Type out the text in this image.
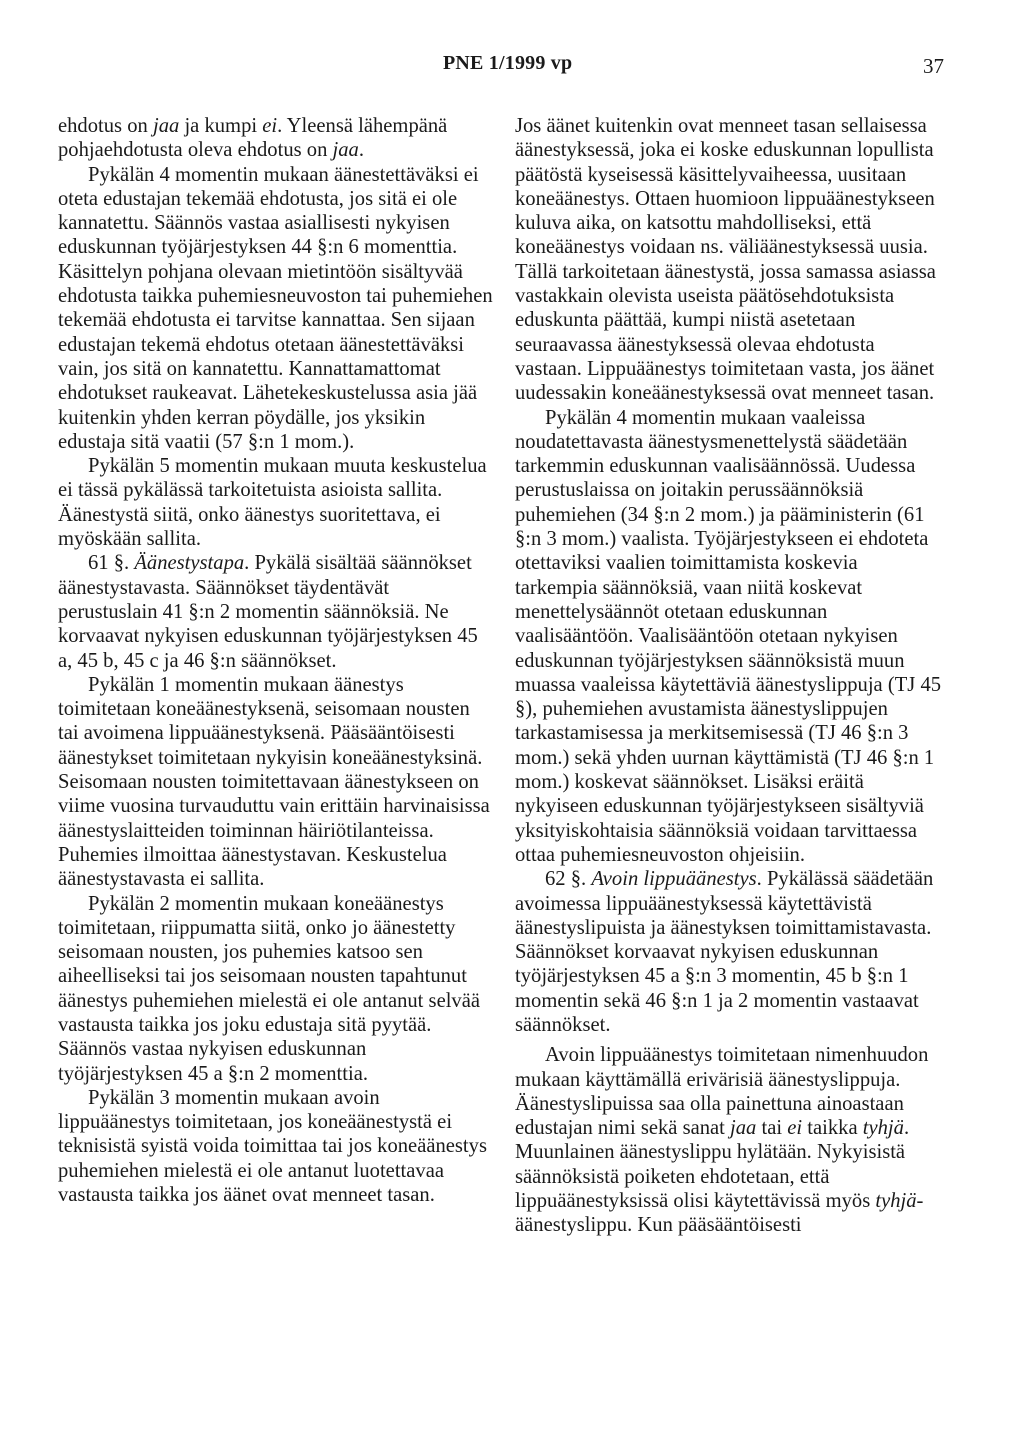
PNE 1/1999 vp	37

ehdotus on jaa ja kumpi ei. Yleensä lähempänä pohjaehdotusta oleva ehdotus on jaa.

Pykälän 4 momentin mukaan äänestettäväksi ei oteta edustajan tekemää ehdotusta, jos sitä ei ole kannatettu. Säännös vastaa asiallisesti nykyisen eduskunnan työjärjestyksen 44 §:n 6 momenttia. Käsittelyn pohjana olevaan mietintöön sisältyvää ehdotusta taikka puhemiesneuvoston tai puhemiehen tekemää ehdotusta ei tarvitse kannattaa. Sen sijaan edustajan tekemä ehdotus otetaan äänestettäväksi vain, jos sitä on kannatettu. Kannattamattomat ehdotukset raukeavat. Lähetekeskustelussa asia jää kuitenkin yhden kerran pöydälle, jos yksikin edustaja sitä vaatii (57 §:n 1 mom.).

Pykälän 5 momentin mukaan muuta keskustelua ei tässä pykälässä tarkoitetuista asioista sallita. Äänestystä siitä, onko äänestys suoritettava, ei myöskään sallita.

61 §. Äänestystapa. Pykälä sisältää säännökset äänestystavasta. Säännökset täydentävät perustuslain 41 §:n 2 momentin säännöksiä. Ne korvaavat nykyisen eduskunnan työjärjestyksen 45 a, 45 b, 45 c ja 46 §:n säännökset.

Pykälän 1 momentin mukaan äänestys toimitetaan koneäänestyksenä, seisomaan nousten tai avoimena lippuäänestyksenä. Pääsääntöisesti äänestykset toimitetaan nykyisin koneäänestyksinä. Seisomaan nousten toimitettavaan äänestykseen on viime vuosina turvauduttu vain erittäin harvinaisissa äänestyslaitteiden toiminnan häiriötilanteissa. Puhemies ilmoittaa äänestystavan. Keskustelua äänestystavasta ei sallita.

Pykälän 2 momentin mukaan koneäänestys toimitetaan, riippumatta siitä, onko jo äänestetty seisomaan nousten, jos puhemies katsoo sen aiheelliseksi tai jos seisomaan nousten tapahtunut äänestys puhemiehen mielestä ei ole antanut selvää vastausta taikka jos joku edustaja sitä pyytää. Säännös vastaa nykyisen eduskunnan työjärjestyksen 45 a §:n 2 momenttia.

Pykälän 3 momentin mukaan avoin lippuäänestys toimitetaan, jos koneäänestystä ei teknisistä syistä voida toimittaa tai jos koneäänestys puhemiehen mielestä ei ole antanut luotettavaa vastausta taikka jos äänet ovat menneet tasan.

Jos äänet kuitenkin ovat menneet tasan sellaisessa äänestyksessä, joka ei koske eduskunnan lopullista päätöstä kyseisessä käsittelyvaiheessa, uusitaan koneäänestys. Ottaen huomioon lippuäänestykseen kuluva aika, on katsottu mahdolliseksi, että koneäänestys voidaan ns. väliäänestyksessä uusia. Tällä tarkoitetaan äänestystä, jossa samassa asiassa vastakkain olevista useista päätösehdotuksista eduskunta päättää, kumpi niistä asetetaan seuraavassa äänestyksessä olevaa ehdotusta vastaan. Lippuäänestys toimitetaan vasta, jos äänet uudessakin koneäänestyksessä ovat menneet tasan.

Pykälän 4 momentin mukaan vaaleissa noudatettavasta äänestysmenettelystä säädetään tarkemmin eduskunnan vaalisäännössä. Uudessa perustuslaissa on joitakin perussäännöksiä puhemiehen (34 §:n 2 mom.) ja pääministerin (61 §:n 3 mom.) vaalista. Työjärjestykseen ei ehdoteta otettaviksi vaalien toimittamista koskevia tarkempia säännöksiä, vaan niitä koskevat menettelysäännöt otetaan eduskunnan vaalisääntöön. Vaalisääntöön otetaan nykyisen eduskunnan työjärjestyksen säännöksistä muun muassa vaaleissa käytettäviä äänestyslippuja (TJ 45 §), puhemiehen avustamista äänestyslippujen tarkastamisessa ja merkitsemisessä (TJ 46 §:n 3 mom.) sekä yhden uurnan käyttämistä (TJ 46 §:n 1 mom.) koskevat säännökset. Lisäksi eräitä nykyiseen eduskunnan työjärjestykseen sisältyviä yksityiskohtaisia säännöksiä voidaan tarvittaessa ottaa puhemiesneuvoston ohjeisiin.

62 §. Avoin lippuäänestys. Pykälässä säädetään avoimessa lippuäänestyksessä käytettävistä äänestyslipuista ja äänestyksen toimittamistavasta. Säännökset korvaavat nykyisen eduskunnan työjärjestyksen 45 a §:n 3 momentin, 45 b §:n 1 momentin sekä 46 §:n 1 ja 2 momentin vastaavat säännökset.

Avoin lippuäänestys toimitetaan nimenhuudon mukaan käyttämällä erivärisiä äänestyslippuja. Äänestyslipuissa saa olla painettuna ainoastaan edustajan nimi sekä sanat jaa tai ei taikka tyhjä. Muunlainen äänestyslippu hylätään. Nykyisistä säännöksistä poiketen ehdotetaan, että lippuäänestyksissä olisi käytettävissä myös tyhjä-äänestyslippu. Kun pääsääntöisesti
